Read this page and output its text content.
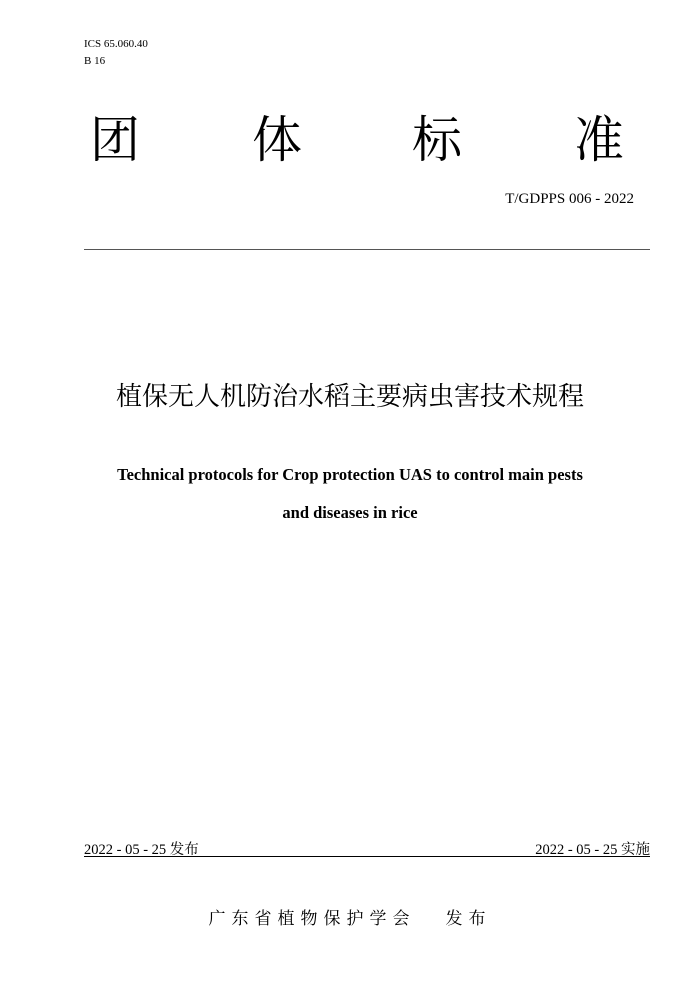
ICS 65.060.40
B 16
团 体 标 准
T/GDPPS 006 - 2022
植保无人机防治水稻主要病虫害技术规程
Technical protocols for Crop protection UAS to control main pests
and diseases in rice
2022 - 05 - 25 发布	2022 - 05 - 25 实施
广东省植物保护学会 发布
